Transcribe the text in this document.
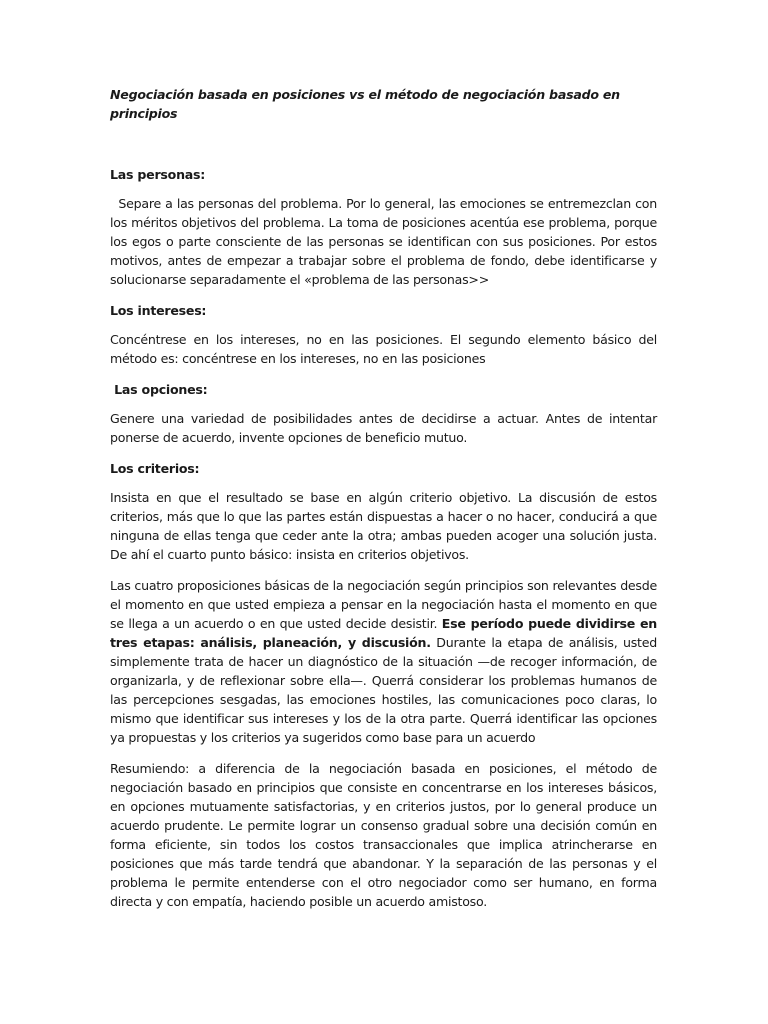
Negociación basada en posiciones vs el método de negociación basado en principios

Las personas:

Separe a las personas del problema. Por lo general, las emociones se entremezclan con los méritos objetivos del problema. La toma de posiciones acentúa ese problema, porque los egos o parte consciente de las personas se identifican con sus posiciones. Por estos motivos, antes de empezar a trabajar sobre el problema de fondo, debe identificarse y solucionarse separadamente el «problema de las personas>>

Los intereses:

Concéntrese en los intereses, no en las posiciones. El segundo elemento básico del método es: concéntrese en los intereses, no en las posiciones

Las opciones:

Genere una variedad de posibilidades antes de decidirse a actuar. Antes de intentar ponerse de acuerdo, invente opciones de beneficio mutuo.

Los criterios:

Insista en que el resultado se base en algún criterio objetivo. La discusión de estos criterios, más que lo que las partes están dispuestas a hacer o no hacer, conducirá a que ninguna de ellas tenga que ceder ante la otra; ambas pueden acoger una solución justa. De ahí el cuarto punto básico: insista en criterios objetivos.

Las cuatro proposiciones básicas de la negociación según principios son relevantes desde el momento en que usted empieza a pensar en la negociación hasta el momento en que se llega a un acuerdo o en que usted decide desistir. Ese período puede dividirse en tres etapas: análisis, planeación, y discusión. Durante la etapa de análisis, usted simplemente trata de hacer un diagnóstico de la situación —de recoger información, de organizarla, y de reflexionar sobre ella—. Querrá considerar los problemas humanos de las percepciones sesgadas, las emociones hostiles, las comunicaciones poco claras, lo mismo que identificar sus intereses y los de la otra parte. Querrá identificar las opciones ya propuestas y los criterios ya sugeridos como base para un acuerdo

Resumiendo: a diferencia de la negociación basada en posiciones, el método de negociación basado en principios que consiste en concentrarse en los intereses básicos, en opciones mutuamente satisfactorias, y en criterios justos, por lo general produce un acuerdo prudente. Le permite lograr un consenso gradual sobre una decisión común en forma eficiente, sin todos los costos transaccionales que implica atrincherarse en posiciones que más tarde tendrá que abandonar. Y la separación de las personas y el problema le permite entenderse con el otro negociador como ser humano, en forma directa y con empatía, haciendo posible un acuerdo amistoso.
